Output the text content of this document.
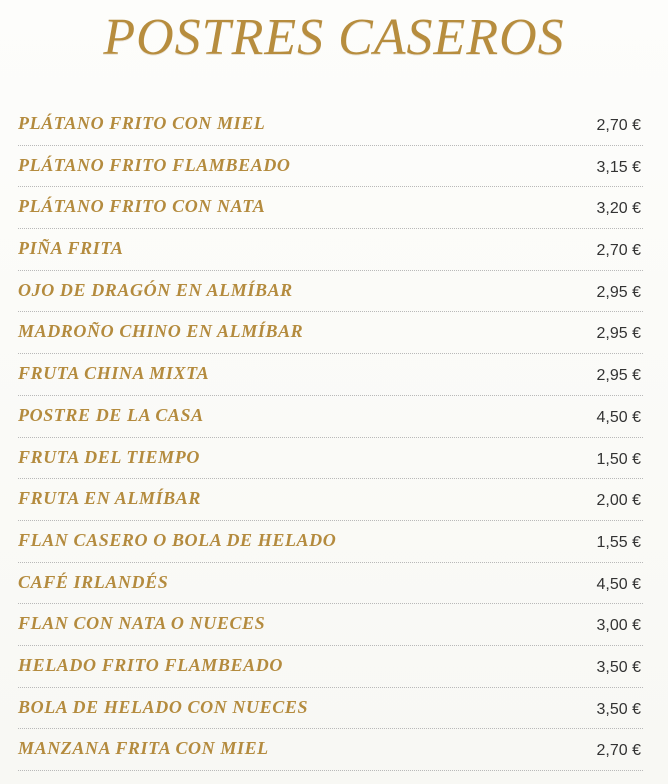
POSTRES CASEROS
PLÁTANO FRITO CON MIEL	2,70 €
PLÁTANO FRITO FLAMBEADO	3,15 €
PLÁTANO FRITO CON NATA	3,20 €
PIÑA FRITA	2,70 €
OJO DE DRAGÓN EN ALMÍBAR	2,95 €
MADROÑO CHINO EN ALMÍBAR	2,95 €
FRUTA CHINA MIXTA	2,95 €
POSTRE DE LA CASA	4,50 €
FRUTA DEL TIEMPO	1,50 €
FRUTA EN ALMÍBAR	2,00 €
FLAN CASERO O BOLA DE HELADO	1,55 €
CAFÉ IRLANDÉS	4,50 €
FLAN CON NATA O NUECES	3,00 €
HELADO FRITO FLAMBEADO	3,50 €
BOLA DE HELADO CON NUECES	3,50 €
MANZANA FRITA CON MIEL	2,70 €
